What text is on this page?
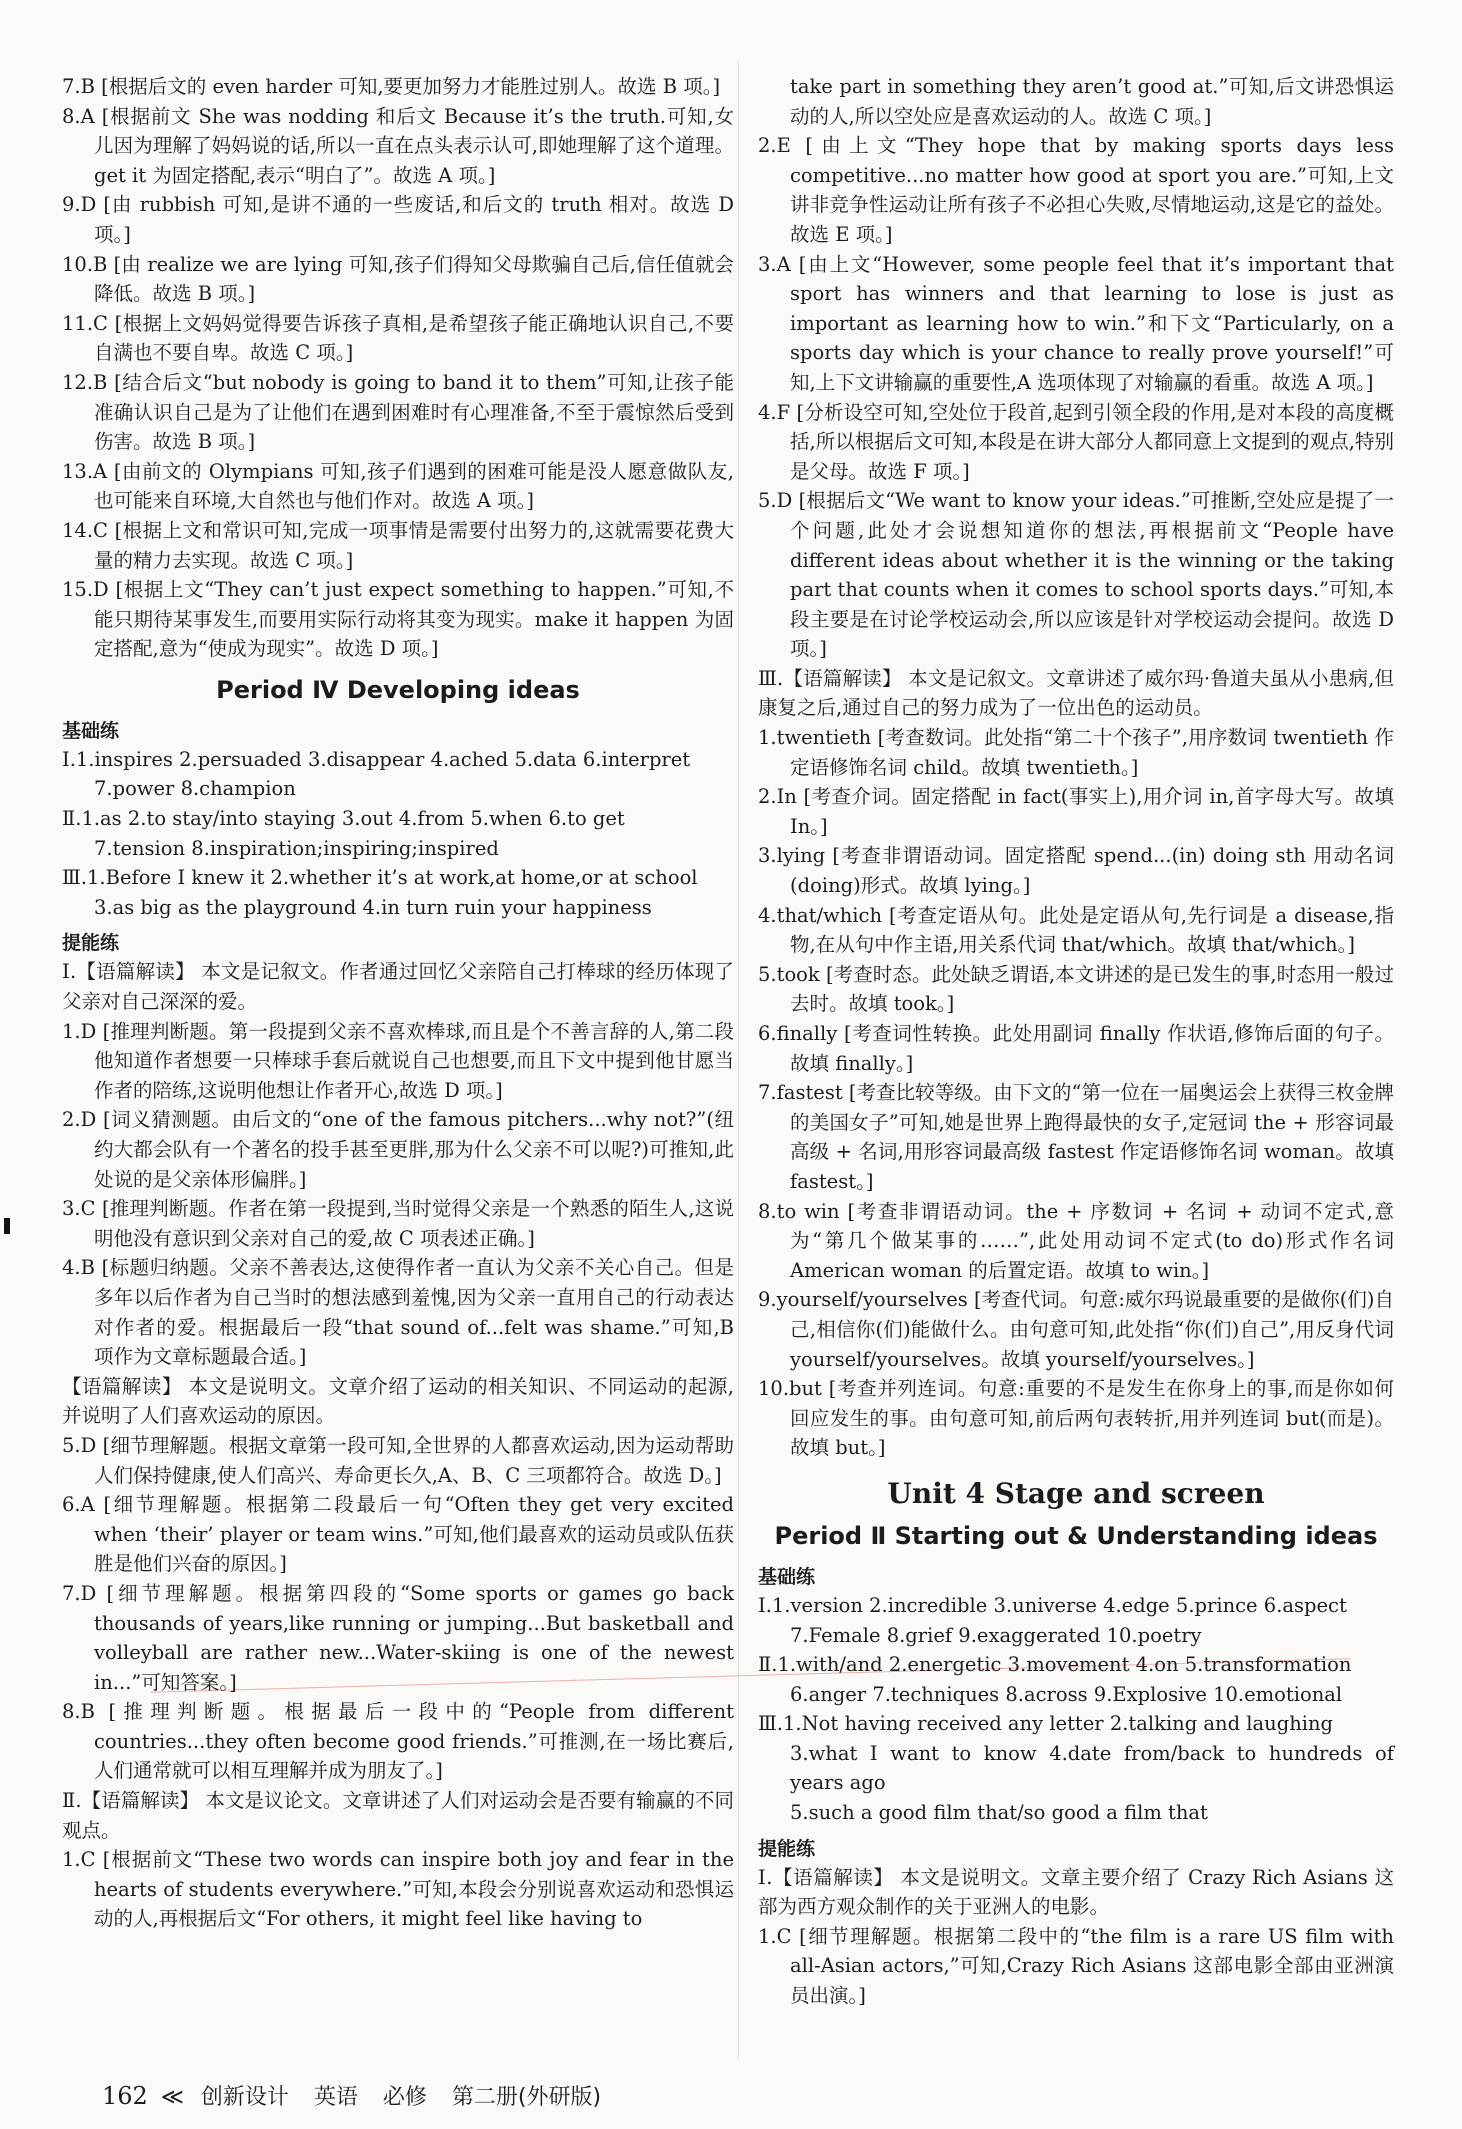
7.B [根据后文的 even harder 可知,要更加努力才能胜过别人。故选 B 项。]

8.A [根据前文 She was nodding 和后文 Because it’s the truth.可知,女儿因为理解了妈妈说的话,所以一直在点头表示认可,即她理解了这个道理。get it 为固定搭配,表示“明白了”。故选 A 项。]

9.D [由 rubbish 可知,是讲不通的一些废话,和后文的 truth 相对。故选 D 项。]

10.B [由 realize we are lying 可知,孩子们得知父母欺骗自己后,信任值就会降低。故选 B 项。]

11.C [根据上文妈妈觉得要告诉孩子真相,是希望孩子能正确地认识自己,不要自满也不要自卑。故选 C 项。]

12.B [结合后文“but nobody is going to band it to them”可知,让孩子能准确认识自己是为了让他们在遇到困难时有心理准备,不至于震惊然后受到伤害。故选 B 项。]

13.A [由前文的 Olympians 可知,孩子们遇到的困难可能是没人愿意做队友,也可能来自环境,大自然也与他们作对。故选 A 项。]

14.C [根据上文和常识可知,完成一项事情是需要付出努力的,这就需要花费大量的精力去实现。故选 C 项。]

15.D [根据上文“They can’t just expect something to happen.”可知,不能只期待某事发生,而要用实际行动将其变为现实。make it happen 为固定搭配,意为“使成为现实”。故选 D 项。]

Period Ⅳ Developing ideas
基础练

Ⅰ.1.inspires 2.persuaded 3.disappear 4.ached 5.data 6.interpret

7.power 8.champion

Ⅱ.1.as 2.to stay/into staying 3.out 4.from 5.when 6.to get

7.tension 8.inspiration;inspiring;inspired

Ⅲ.1.Before I knew it 2.whether it’s at work,at home,or at school

3.as big as the playground 4.in turn ruin your happiness

提能练

Ⅰ.【语篇解读】 本文是记叙文。作者通过回忆父亲陪自己打棒球的经历体现了父亲对自己深深的爱。

1.D [推理判断题。第一段提到父亲不喜欢棒球,而且是个不善言辞的人,第二段他知道作者想要一只棒球手套后就说自己也想要,而且下文中提到他甘愿当作者的陪练,这说明他想让作者开心,故选 D 项。]

2.D [词义猜测题。由后文的“one of the famous pitchers...why not?”(纽约大都会队有一个著名的投手甚至更胖,那为什么父亲不可以呢?)可推知,此处说的是父亲体形偏胖。]

3.C [推理判断题。作者在第一段提到,当时觉得父亲是一个熟悉的陌生人,这说明他没有意识到父亲对自己的爱,故 C 项表述正确。]

4.B [标题归纳题。父亲不善表达,这使得作者一直认为父亲不关心自己。但是多年以后作者为自己当时的想法感到羞愧,因为父亲一直用自己的行动表达对作者的爱。根据最后一段“that sound of...felt was shame.”可知,B 项作为文章标题最合适。]

【语篇解读】 本文是说明文。文章介绍了运动的相关知识、不同运动的起源,并说明了人们喜欢运动的原因。

5.D [细节理解题。根据文章第一段可知,全世界的人都喜欢运动,因为运动帮助人们保持健康,使人们高兴、寿命更长久,A、B、C 三项都符合。故选 D。]

6.A [细节理解题。根据第二段最后一句“Often they get very excited when ‘their’ player or team wins.”可知,他们最喜欢的运动员或队伍获胜是他们兴奋的原因。]

7.D [细节理解题。根据第四段的“Some sports or games go back thousands of years,like running or jumping...But basketball and volleyball are rather new...Water-skiing is one of the newest in...”可知答案。]

8.B [推理判断题。根据最后一段中的“People from different countries...they often become good friends.”可推测,在一场比赛后,人们通常就可以相互理解并成为朋友了。]

Ⅱ.【语篇解读】 本文是议论文。文章讲述了人们对运动会是否要有输赢的不同观点。

1.C [根据前文“These two words can inspire both joy and fear in the hearts of students everywhere.”可知,本段会分别说喜欢运动和恐惧运动的人,再根据后文“For others, it might feel like having to

take part in something they aren’t good at.”可知,后文讲恐惧运动的人,所以空处应是喜欢运动的人。故选 C 项。]

2.E [由上文“They hope that by making sports days less competitive...no matter how good at sport you are.”可知,上文讲非竞争性运动让所有孩子不必担心失败,尽情地运动,这是它的益处。故选 E 项。]

3.A [由上文“However, some people feel that it’s important that sport has winners and that learning to lose is just as important as learning how to win.”和下文“Particularly, on a sports day which is your chance to really prove yourself!”可知,上下文讲输赢的重要性,A 选项体现了对输赢的看重。故选 A 项。]

4.F [分析设空可知,空处位于段首,起到引领全段的作用,是对本段的高度概括,所以根据后文可知,本段是在讲大部分人都同意上文提到的观点,特别是父母。故选 F 项。]

5.D [根据后文“We want to know your ideas.”可推断,空处应是提了一个问题,此处才会说想知道你的想法,再根据前文“People have different ideas about whether it is the winning or the taking part that counts when it comes to school sports days.”可知,本段主要是在讨论学校运动会,所以应该是针对学校运动会提问。故选 D 项。]

Ⅲ.【语篇解读】 本文是记叙文。文章讲述了威尔玛·鲁道夫虽从小患病,但康复之后,通过自己的努力成为了一位出色的运动员。

1.twentieth [考查数词。此处指“第二十个孩子”,用序数词 twentieth 作定语修饰名词 child。故填 twentieth。]

2.In [考查介词。固定搭配 in fact(事实上),用介词 in,首字母大写。故填 In。]

3.lying [考查非谓语动词。固定搭配 spend...(in) doing sth 用动名词(doing)形式。故填 lying。]

4.that/which [考查定语从句。此处是定语从句,先行词是 a disease,指物,在从句中作主语,用关系代词 that/which。故填 that/which。]

5.took [考查时态。此处缺乏谓语,本文讲述的是已发生的事,时态用一般过去时。故填 took。]

6.finally [考查词性转换。此处用副词 finally 作状语,修饰后面的句子。故填 finally。]

7.fastest [考查比较等级。由下文的“第一位在一届奥运会上获得三枚金牌的美国女子”可知,她是世界上跑得最快的女子,定冠词 the + 形容词最高级 + 名词,用形容词最高级 fastest 作定语修饰名词 woman。故填 fastest。]

8.to win [考查非谓语动词。the + 序数词 + 名词 + 动词不定式,意为“第几个做某事的……”,此处用动词不定式(to do)形式作名词 American woman 的后置定语。故填 to win。]

9.yourself/yourselves [考查代词。句意:威尔玛说最重要的是做你(们)自己,相信你(们)能做什么。由句意可知,此处指“你(们)自己”,用反身代词 yourself/yourselves。故填 yourself/yourselves。]

10.but [考查并列连词。句意:重要的不是发生在你身上的事,而是你如何回应发生的事。由句意可知,前后两句表转折,用并列连词 but(而是)。故填 but。]

Unit 4 Stage and screen
Period Ⅱ Starting out & Understanding ideas
基础练

Ⅰ.1.version 2.incredible 3.universe 4.edge 5.prince 6.aspect

7.Female 8.grief 9.exaggerated 10.poetry

Ⅱ.1.with/and 2.energetic 3.movement 4.on 5.transformation

6.anger 7.techniques 8.across 9.Explosive 10.emotional

Ⅲ.1.Not having received any letter 2.talking and laughing

3.what I want to know 4.date from/back to hundreds of years ago

5.such a good film that/so good a film that

提能练

Ⅰ.【语篇解读】 本文是说明文。文章主要介绍了 Crazy Rich Asians 这部为西方观众制作的关于亚洲人的电影。

1.C [细节理解题。根据第二段中的“the film is a rare US film with all-Asian actors,”可知,Crazy Rich Asians 这部电影全部由亚洲演员出演。]

162 ≪ 创新设计 英语 必修 第二册(外研版)
